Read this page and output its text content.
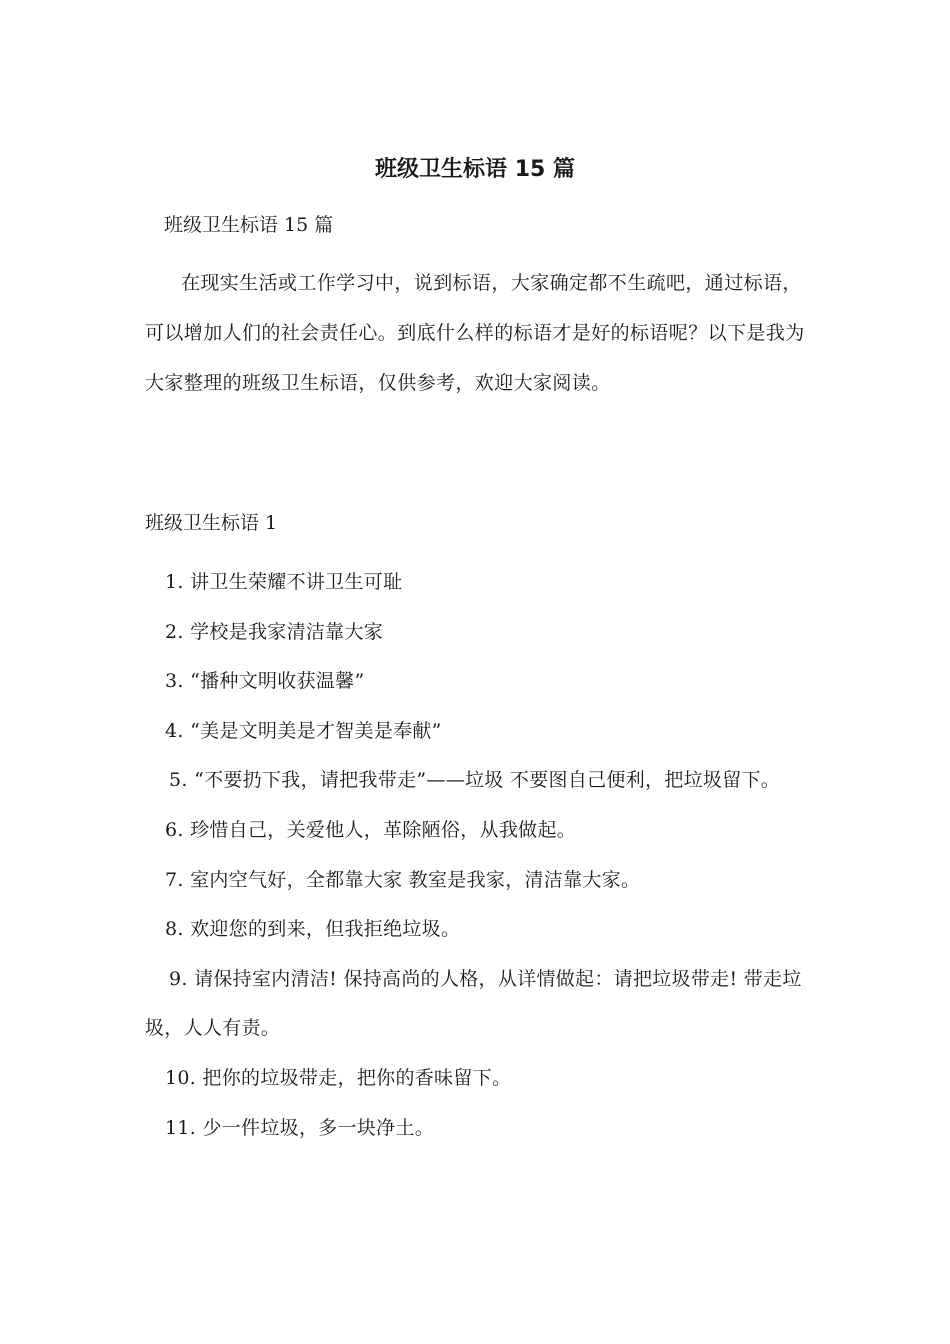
班级卫生标语 15 篇

班级卫生标语 15 篇

在现实生活或工作学习中，说到标语，大家确定都不生疏吧，通过标语，可以增加人们的社会责任心。到底什么样的标语才是好的标语呢？以下是我为大家整理的班级卫生标语，仅供参考，欢迎大家阅读。

班级卫生标语 1

1. 讲卫生荣耀不讲卫生可耻
2. 学校是我家清洁靠大家
3. “播种文明收获温馨”
4. “美是文明美是才智美是奉献”
5. “不要扔下我，请把我带走”——垃圾 不要图自己便利，把垃圾留下。
6. 珍惜自己，关爱他人，革除陋俗，从我做起。
7. 室内空气好，全都靠大家 教室是我家，清洁靠大家。
8. 欢迎您的到来，但我拒绝垃圾。
9. 请保持室内清洁! 保持高尚的人格，从详情做起：请把垃圾带走! 带走垃圾，人人有责。
10. 把你的垃圾带走，把你的香味留下。
11. 少一件垃圾，多一块净土。
